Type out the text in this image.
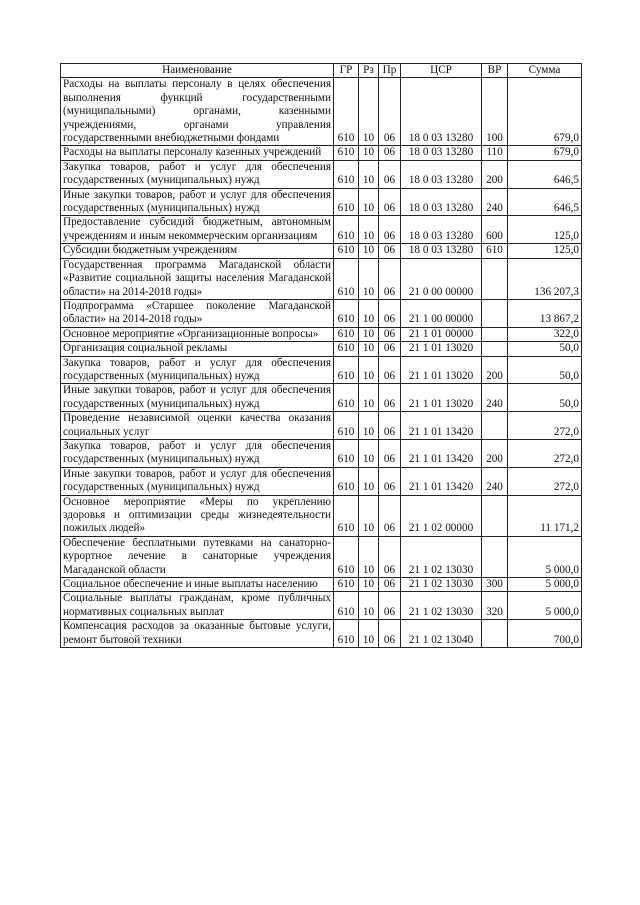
Наименование	ГР	Рз	Пр	ЦСР	ВР	Сумма
Расходы на выплаты персоналу в целях обеспечения выполнения функций государственными (муниципальными) органами, казенными учреждениями, органами управления государственными внебюджетными фондами	610	10	06	18 0 03 13280	100	679,0
Расходы на выплаты персоналу казенных учреждений	610	10	06	18 0 03 13280	110	679,0
Закупка товаров, работ и услуг для обеспечения государственных (муниципальных) нужд	610	10	06	18 0 03 13280	200	646,5
Иные закупки товаров, работ и услуг для обеспечения государственных (муниципальных) нужд	610	10	06	18 0 03 13280	240	646,5
Предоставление субсидий бюджетным, автономным учреждениям и иным некоммерческим организациям	610	10	06	18 0 03 13280	600	125,0
Субсидии бюджетным учреждениям	610	10	06	18 0 03 13280	610	125,0
Государственная программа Магаданской области «Развитие социальной защиты населения Магаданской области» на 2014-2018 годы»	610	10	06	21 0 00 00000		136 207,3
Подпрограмма «Старшее поколение Магаданской области» на 2014-2018 годы»	610	10	06	21 1 00 00000		13 867,2
Основное мероприятие «Организационные вопросы»	610	10	06	21 1 01 00000		322,0
Организация социальной рекламы	610	10	06	21 1 01 13020		50,0
Закупка товаров, работ и услуг для обеспечения государственных (муниципальных) нужд	610	10	06	21 1 01 13020	200	50,0
Иные закупки товаров, работ и услуг для обеспечения государственных (муниципальных) нужд	610	10	06	21 1 01 13020	240	50,0
Проведение независимой оценки качества оказания социальных услуг	610	10	06	21 1 01 13420		272,0
Закупка товаров, работ и услуг для обеспечения государственных (муниципальных) нужд	610	10	06	21 1 01 13420	200	272,0
Иные закупки товаров, работ и услуг для обеспечения государственных (муниципальных) нужд	610	10	06	21 1 01 13420	240	272,0
Основное мероприятие «Меры по укреплению здоровья и оптимизации среды жизнедеятельности пожилых людей»	610	10	06	21 1 02 00000		11 171,2
Обеспечение бесплатными путевками на санаторно-курортное лечение в санаторные учреждения Магаданской области	610	10	06	21 1 02 13030		5 000,0
Социальное обеспечение и иные выплаты населению	610	10	06	21 1 02 13030	300	5 000,0
Социальные выплаты гражданам, кроме публичных нормативных социальных выплат	610	10	06	21 1 02 13030	320	5 000,0
Компенсация расходов за оказанные бытовые услуги, ремонт бытовой техники	610	10	06	21 1 02 13040		700,0
